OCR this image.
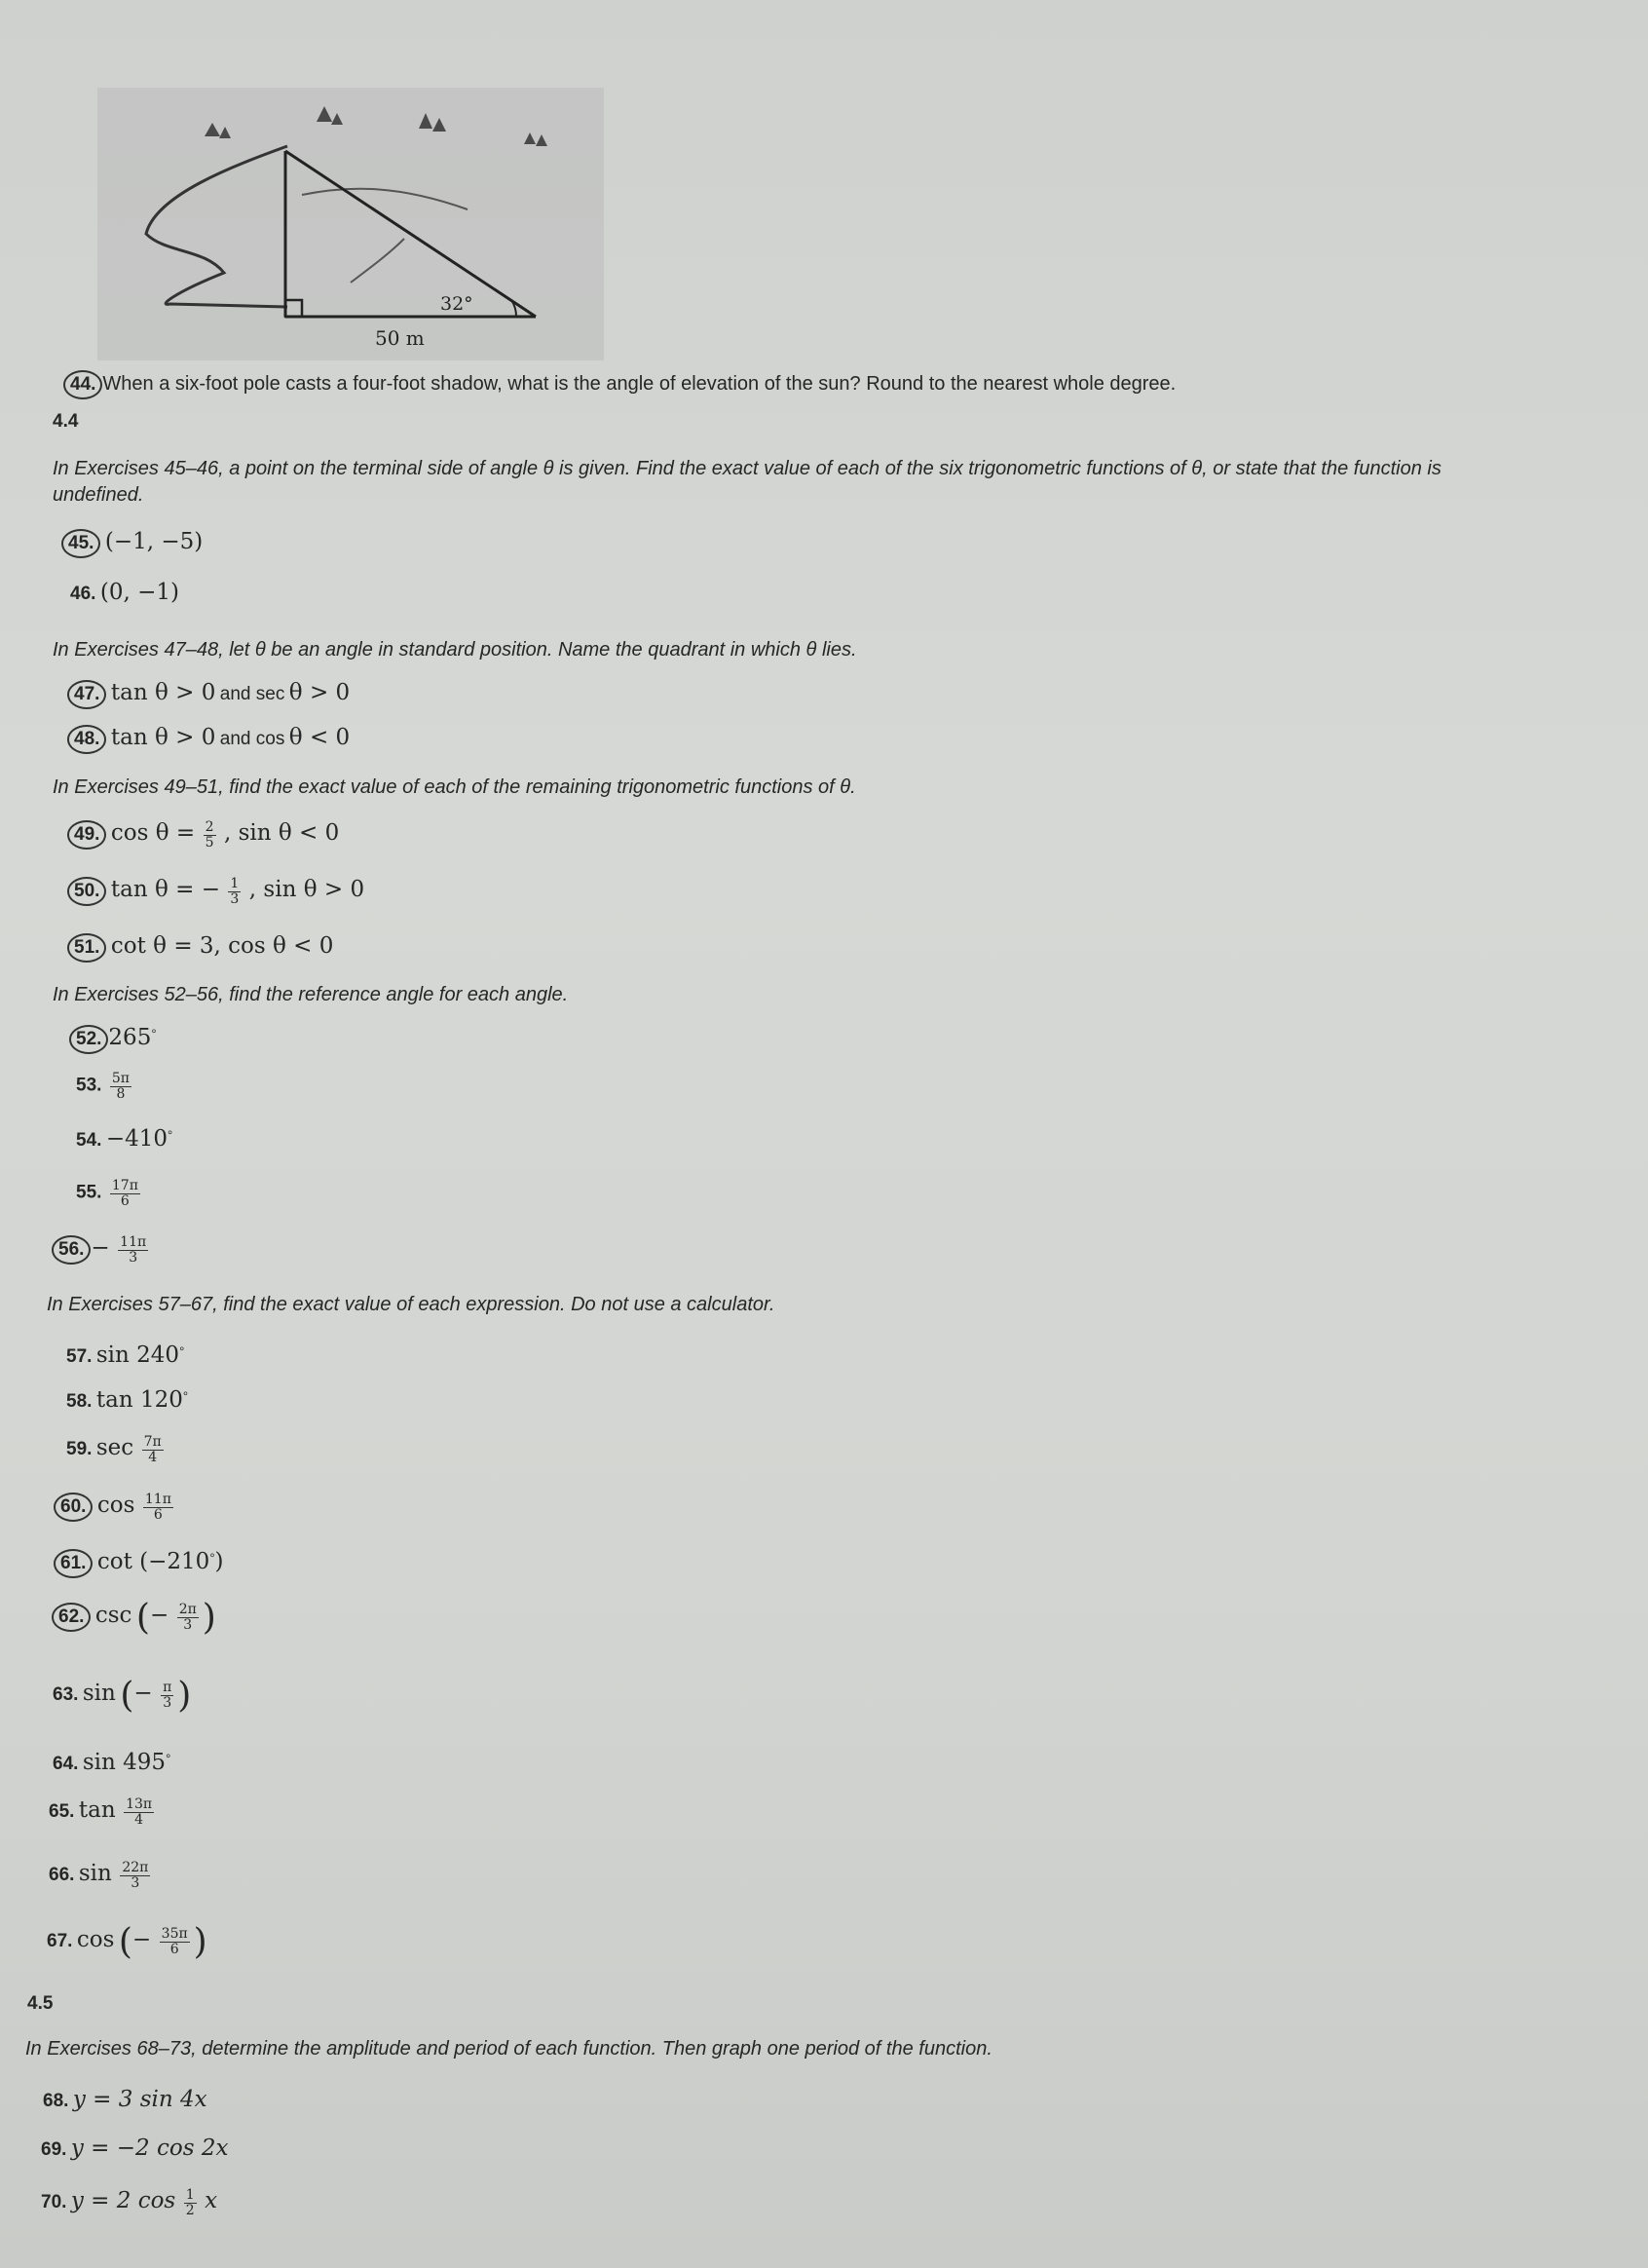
32°
50 m
44. When a six-foot pole casts a four-foot shadow, what is the angle of elevation of the sun? Round to the nearest whole degree.
4.4
In Exercises 45–46, a point on the terminal side of angle θ is given. Find the exact value of each of the six trigonometric functions of θ, or state that the function is
undefined.
45. (−1, −5)
46. (0, −1)
In Exercises 47–48, let θ be an angle in standard position. Name the quadrant in which θ lies.
47. tan θ > 0 and sec θ > 0
48. tan θ > 0 and cos θ < 0
In Exercises 49–51, find the exact value of each of the remaining trigonometric functions of θ.
49. $\cos \theta = \frac{2}{5}$ , sin θ < 0
50. tan θ = − $\frac{1}{3}$ , sin θ > 0
51. cot θ = 3, cos θ < 0
In Exercises 52–56, find the reference angle for each angle.
52. 265°
53. $\frac{5\pi}{8}$
54. −410°
55. $\frac{17\pi}{6}$
56. − $\frac{11\pi}{3}$
In Exercises 57–67, find the exact value of each expression. Do not use a calculator.
57. sin 240°
58. tan 120°
59. $\sec \frac{7\pi}{4}$
60. $\cos \frac{11\pi}{6}$
61. cot (−210°)
62. csc (− $\frac{2\pi}{3}$ )
63. sin (− $\frac{\pi}{3}$ )
64. sin 495°
65. $\tan \frac{13\pi}{4}$
66. $\sin \frac{22\pi}{3}$
67. cos (− $\frac{35\pi}{6}$ )
4.5
In Exercises 68–73, determine the amplitude and period of each function. Then graph one period of the function.
68. y = 3 sin 4x
69. y = −2 cos 2x
70. y = 2 $\cos \frac{1}{2}$ x
